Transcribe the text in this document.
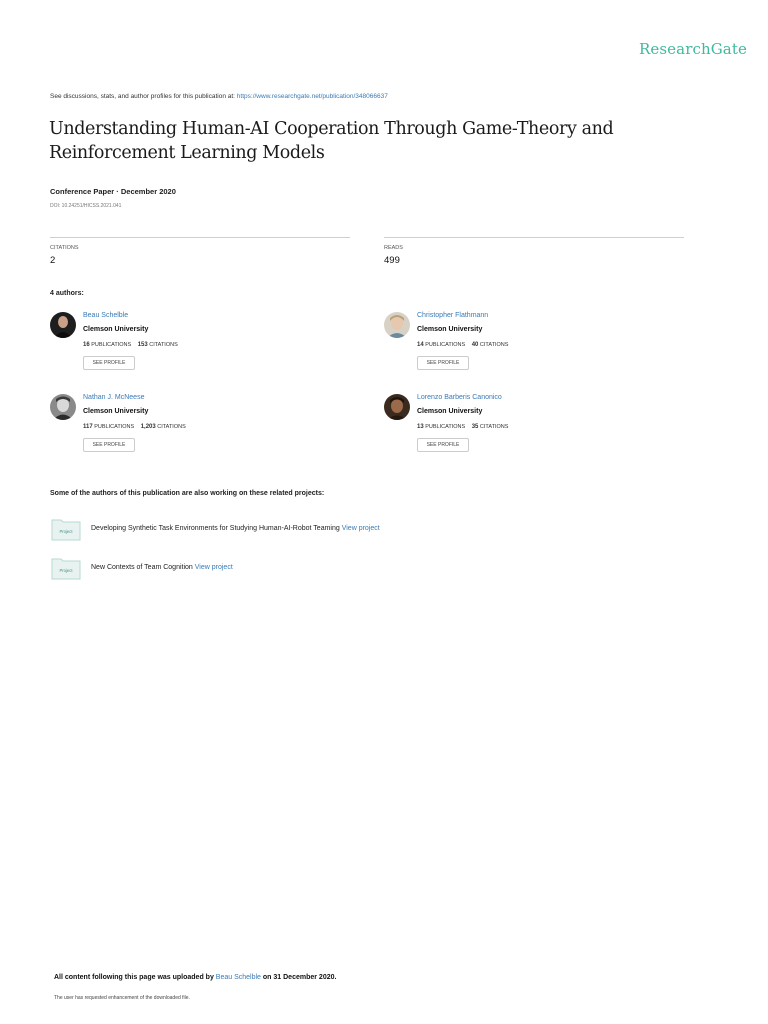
ResearchGate
See discussions, stats, and author profiles for this publication at: https://www.researchgate.net/publication/348066637
Understanding Human-AI Cooperation Through Game-Theory and Reinforcement Learning Models
Conference Paper · December 2020
DOI: 10.24251/HICSS.2021.041
CITATIONS
2
READS
499
4 authors:
Beau Schelble
Clemson University
16 PUBLICATIONS 153 CITATIONS
SEE PROFILE
Christopher Flathmann
Clemson University
14 PUBLICATIONS 40 CITATIONS
SEE PROFILE
Nathan J. McNeese
Clemson University
117 PUBLICATIONS 1,203 CITATIONS
SEE PROFILE
Lorenzo Barberis Canonico
Clemson University
13 PUBLICATIONS 35 CITATIONS
SEE PROFILE
Some of the authors of this publication are also working on these related projects:
Project	Developing Synthetic Task Environments for Studying Human-AI-Robot Teaming View project
Project	New Contexts of Team Cognition View project
All content following this page was uploaded by Beau Schelble on 31 December 2020.
The user has requested enhancement of the downloaded file.
